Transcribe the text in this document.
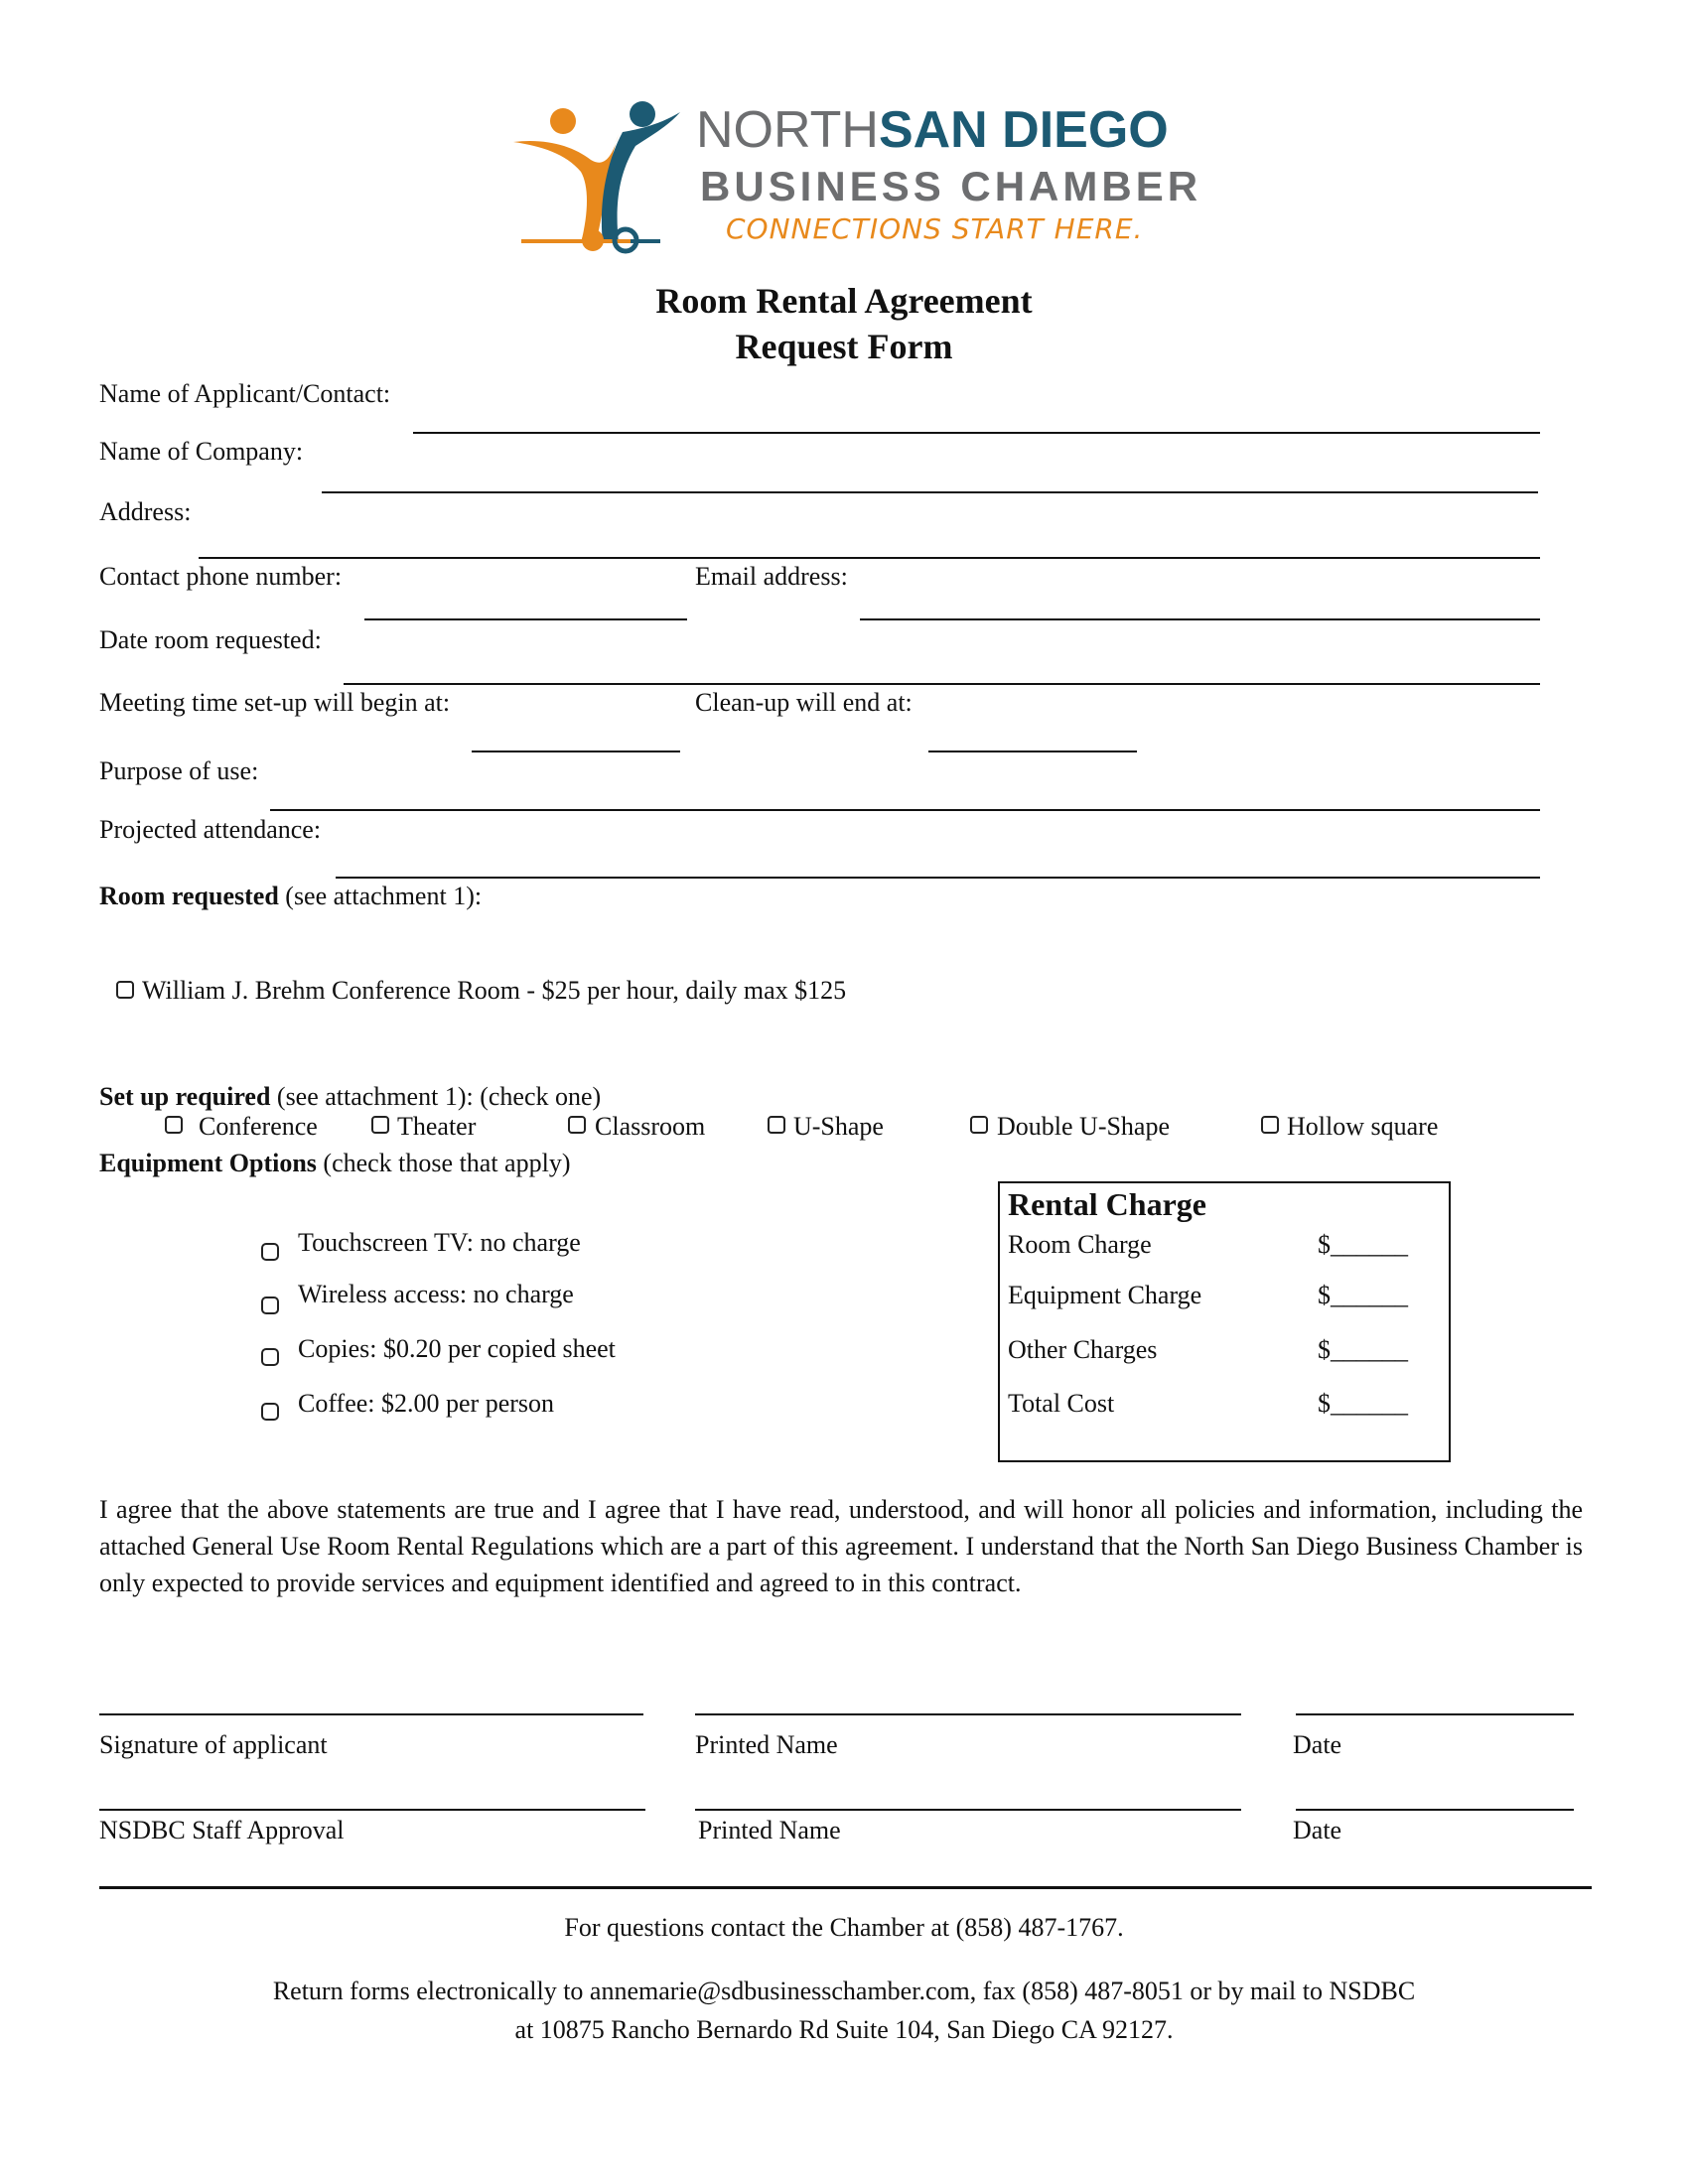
NORTHSAN DIEGO
BUSINESS CHAMBER
CONNECTIONS START HERE.
Room Rental Agreement
Request Form
Name of Applicant/Contact:
Name of Company:
Address:
Contact phone number:	Email address:
Date room requested:
Meeting time set-up will begin at:	Clean-up will end at:
Purpose of use:
Projected attendance:
Room requested (see attachment 1):
William J. Brehm Conference Room - $25 per hour, daily max $125
Set up required (see attachment 1): (check one)
Conference	Theater	Classroom	U-Shape	Double U-Shape	Hollow square
Equipment Options (check those that apply)
Touchscreen TV: no charge
Wireless access: no charge
Copies: $0.20 per copied sheet
Coffee: $2.00 per person
Rental Charge
Room Charge	$______
Equipment Charge	$______
Other Charges	$______
Total Cost	$______
I agree that the above statements are true and I agree that I have read, understood, and will honor all policies and information, including the attached General Use Room Rental Regulations which are a part of this agreement. I understand that the North San Diego Business Chamber is only expected to provide services and equipment identified and agreed to in this contract.
Signature of applicant	Printed Name	Date
NSDBC Staff Approval	Printed Name	Date
For questions contact the Chamber at (858) 487-1767.
Return forms electronically to annemarie@sdbusinesschamber.com, fax (858) 487-8051 or by mail to NSDBC
at 10875 Rancho Bernardo Rd Suite 104, San Diego CA 92127.
